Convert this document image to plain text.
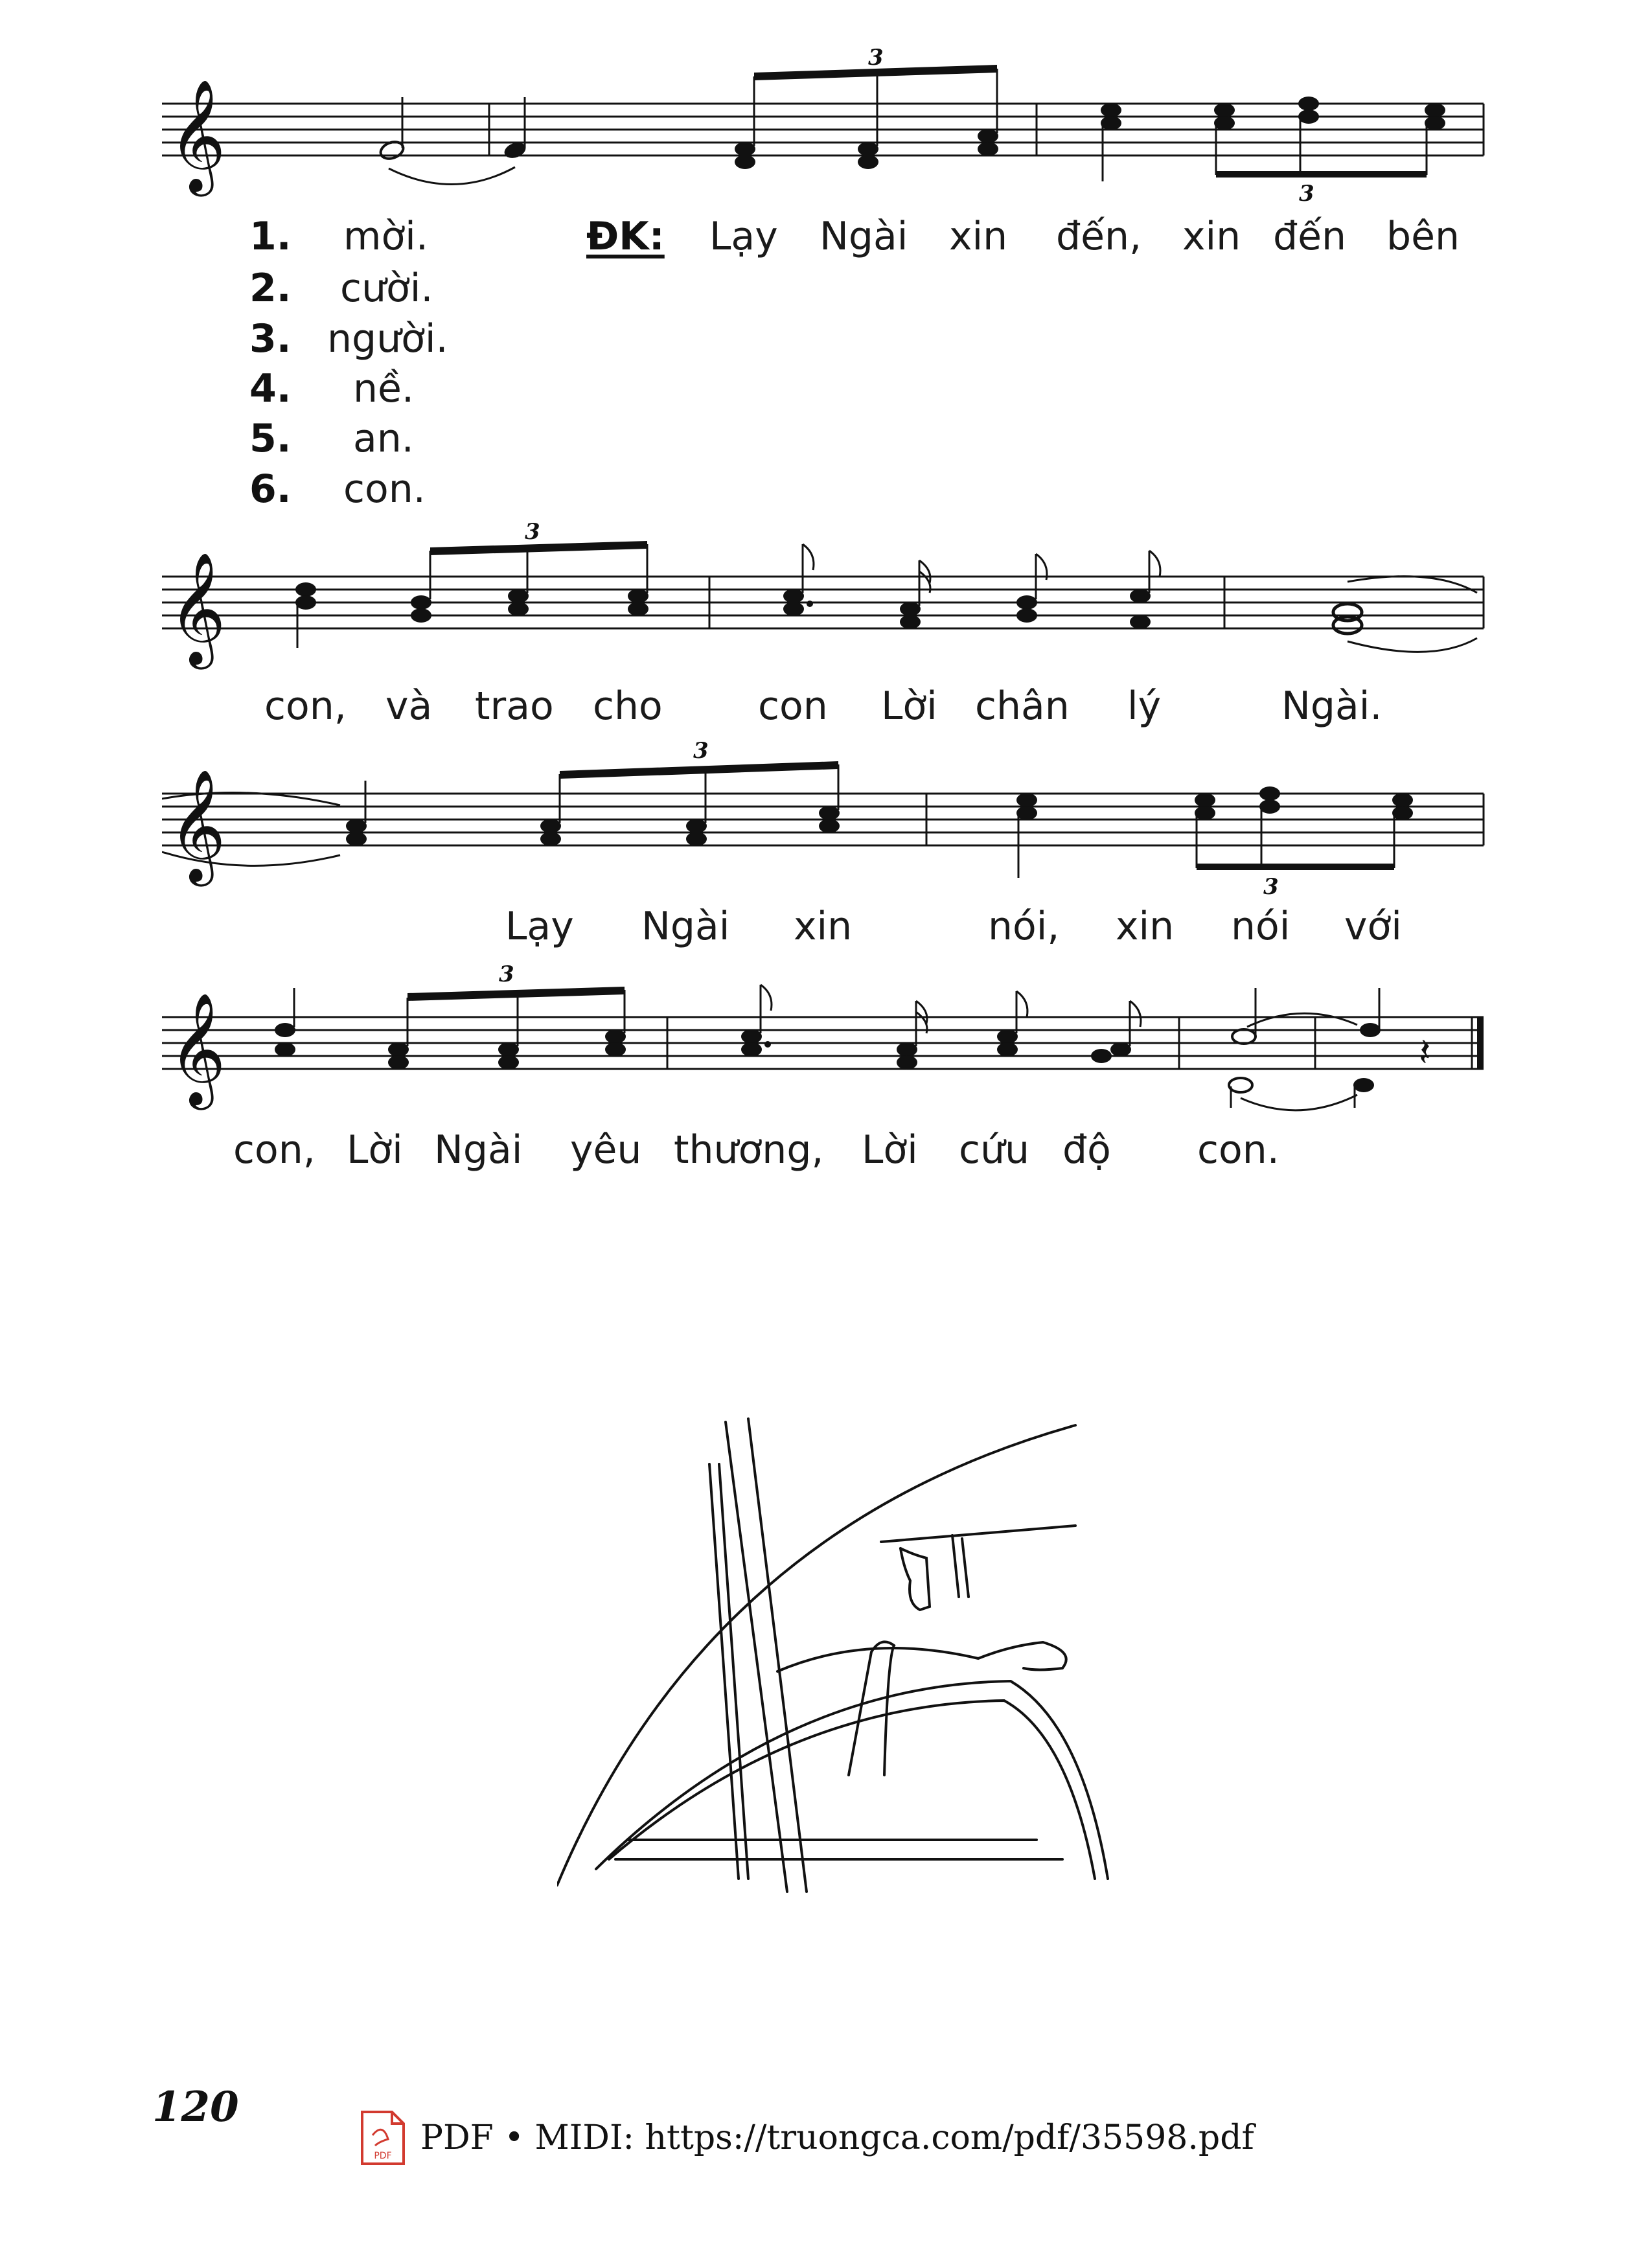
𝄞
3
3
1. mời.
2. cười.
3. người.
4. nề.
5. an.
6. con.
ĐK: Lạy Ngài xin đến, xin đến bên
𝄞
3
con, và trao cho con Lời chân lý	Ngài.
𝄞
3
3
Lạy Ngài xin	nói, xin nói với
𝄞
3
𝄽
con, Lời Ngài yêu thương, Lời cứu độ con.
120
PDF PDF • MIDI: https://truongca.com/pdf/35598.pdf
